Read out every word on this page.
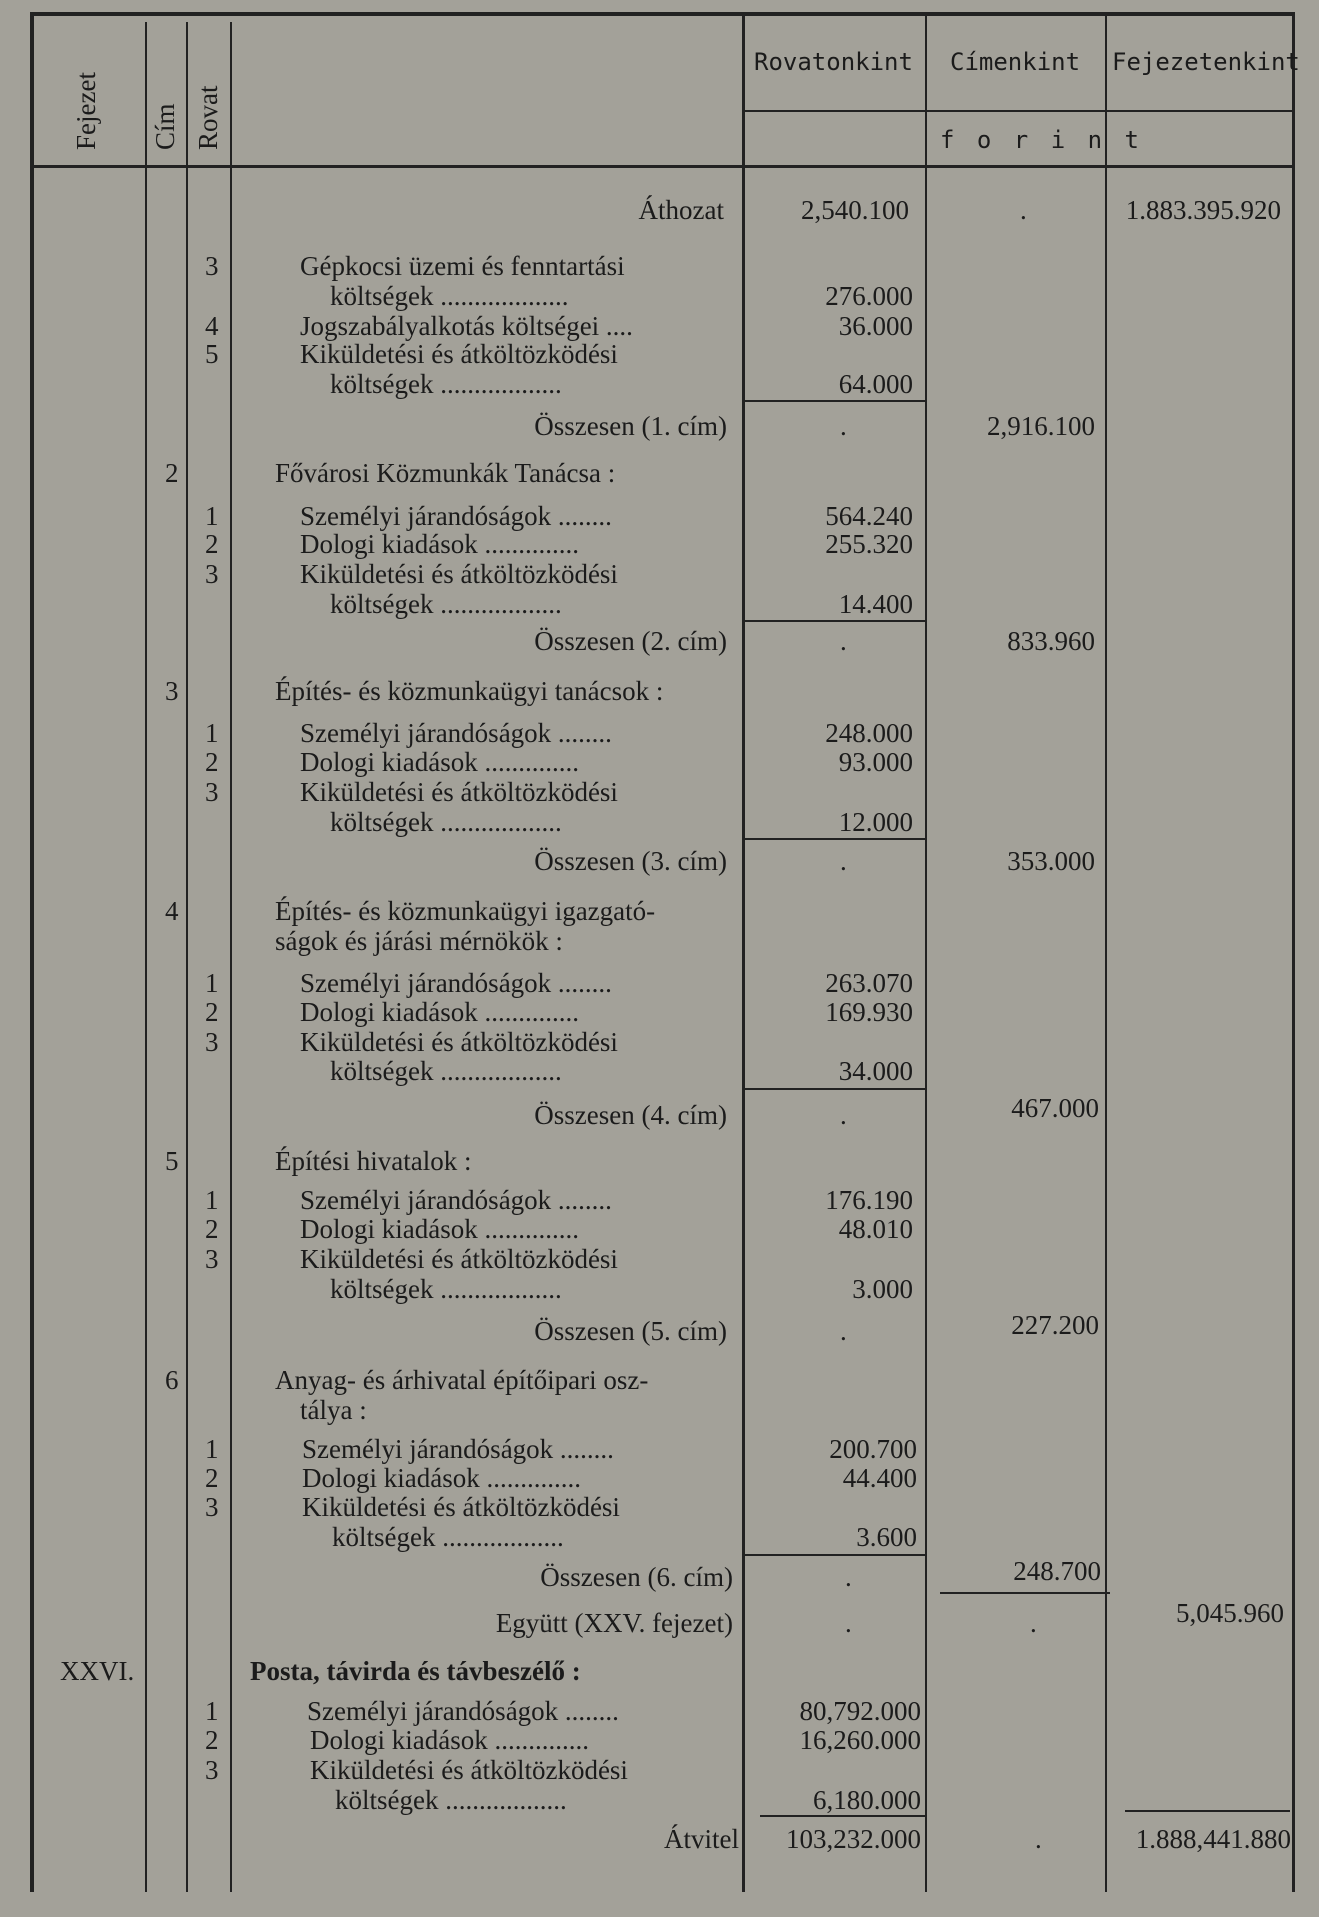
Fejezet Cím Rovat
Rovatonkint Címenkint Fejezetenkint
f o r i n t
Áthozat	2,540.100	.	1.883.395.920
3	Gépkocsi üzemi és fenntartási
költségek ...................	276.000
4	Jogszabályalkotás költségei ....	36.000
5	Kiküldetési és átköltözködési
költségek ..................	64.000
Összesen (1. cím)	.	2,916.100
2	Fővárosi Közmunkák Tanácsa :
1	Személyi járandóságok ........	564.240
2	Dologi kiadások ..............	255.320
3	Kiküldetési és átköltözködési
költségek ..................	14.400
Összesen (2. cím)	.	833.960
3	Építés- és közmunkaügyi tanácsok :
1	Személyi járandóságok ........	248.000
2	Dologi kiadások ..............	93.000
3	Kiküldetési és átköltözködési
költségek ..................	12.000
Összesen (3. cím)	.	353.000
4	Építés- és közmunkaügyi igazgató-
ságok és járási mérnökök :
1	Személyi járandóságok ........	263.070
2	Dologi kiadások ..............	169.930
3	Kiküldetési és átköltözködési
költségek ..................	34.000
Összesen (4. cím)	.	467.000
5	Építési hivatalok :
1	Személyi járandóságok ........	176.190
2	Dologi kiadások ..............	48.010
3	Kiküldetési és átköltözködési
költségek ..................	3.000
Összesen (5. cím)	.	227.200
6	Anyag- és árhivatal építőipari osz-
tálya :
1	Személyi járandóságok ........	200.700
2	Dologi kiadások ..............	44.400
3	Kiküldetési és átköltözködési
költségek ..................	3.600
Összesen (6. cím)	.	248.700
Együtt (XXV. fejezet)	.	.	5,045.960
XXVI.	Posta, távirda és távbeszélő :
1	Személyi járandóságok ........	80,792.000
2	Dologi kiadások ..............	16,260.000
3	Kiküldetési és átköltözködési
költségek ..................	6,180.000
Átvitel 103,232.000	.	1.888,441.880
